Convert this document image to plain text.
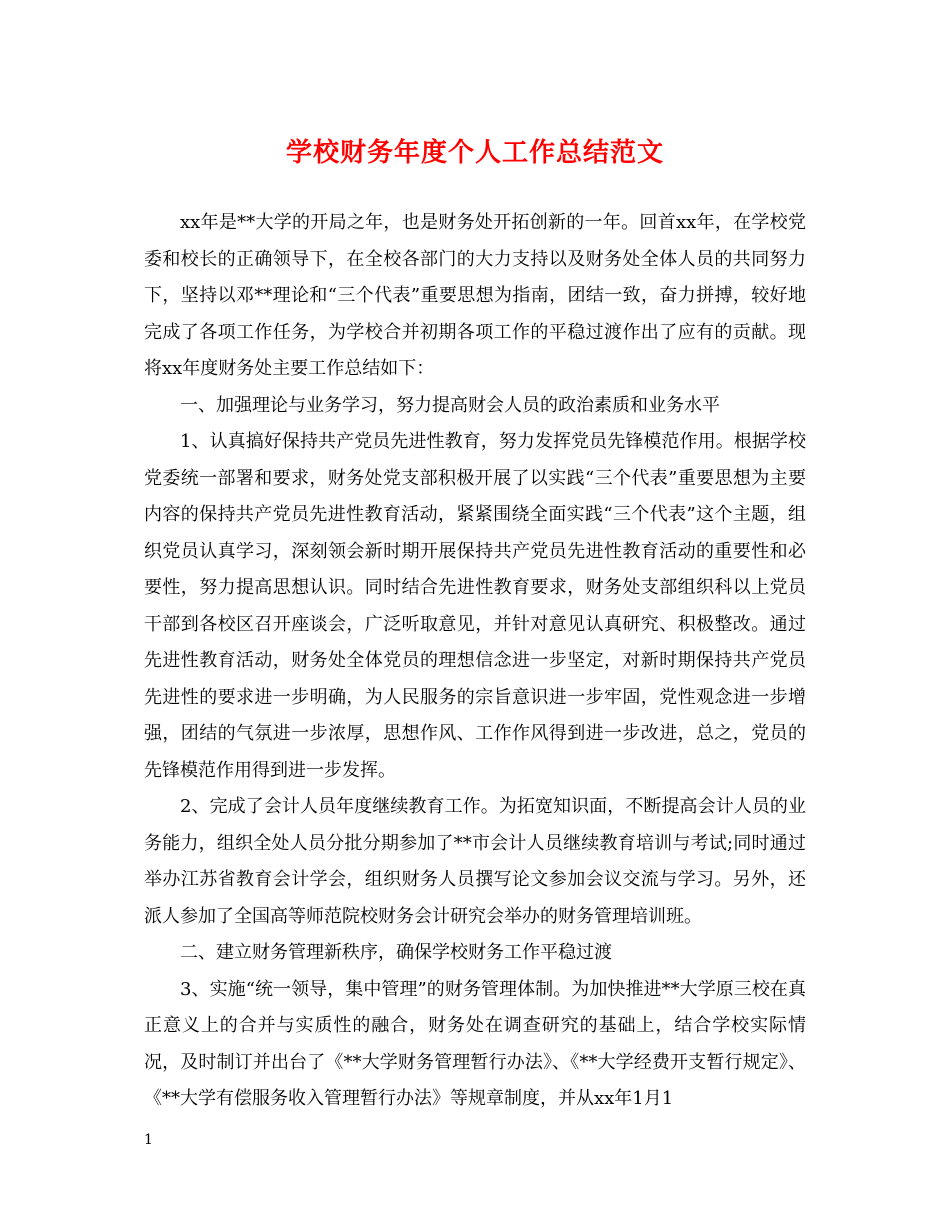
学校财务年度个人工作总结范文

xx年是**大学的开局之年，也是财务处开拓创新的一年。回首xx年，在学校党委和校长的正确领导下，在全校各部门的大力支持以及财务处全体人员的共同努力下，坚持以邓**理论和“三个代表”重要思想为指南，团结一致，奋力拼搏，较好地完成了各项工作任务，为学校合并初期各项工作的平稳过渡作出了应有的贡献。现将xx年度财务处主要工作总结如下：

一、加强理论与业务学习，努力提高财会人员的政治素质和业务水平

1、认真搞好保持共产党员先进性教育，努力发挥党员先锋模范作用。根据学校党委统一部署和要求，财务处党支部积极开展了以实践“三个代表”重要思想为主要内容的保持共产党员先进性教育活动，紧紧围绕全面实践“三个代表”这个主题，组织党员认真学习，深刻领会新时期开展保持共产党员先进性教育活动的重要性和必要性，努力提高思想认识。同时结合先进性教育要求，财务处支部组织科以上党员干部到各校区召开座谈会，广泛听取意见，并针对意见认真研究、积极整改。通过先进性教育活动，财务处全体党员的理想信念进一步坚定，对新时期保持共产党员先进性的要求进一步明确，为人民服务的宗旨意识进一步牢固，党性观念进一步增强，团结的气氛进一步浓厚，思想作风、工作作风得到进一步改进，总之，党员的先锋模范作用得到进一步发挥。

2、完成了会计人员年度继续教育工作。为拓宽知识面，不断提高会计人员的业务能力，组织全处人员分批分期参加了**市会计人员继续教育培训与考试;同时通过举办江苏省教育会计学会，组织财务人员撰写论文参加会议交流与学习。另外，还派人参加了全国高等师范院校财务会计研究会举办的财务管理培训班。

二、建立财务管理新秩序，确保学校财务工作平稳过渡

3、实施“统一领导，集中管理”的财务管理体制。为加快推进**大学原三校在真正意义上的合并与实质性的融合，财务处在调查研究的基础上，结合学校实际情况，及时制订并出台了《**大学财务管理暂行办法》、《**大学经费开支暂行规定》、《**大学有偿服务收入管理暂行办法》等规章制度，并从xx年1月1

1
